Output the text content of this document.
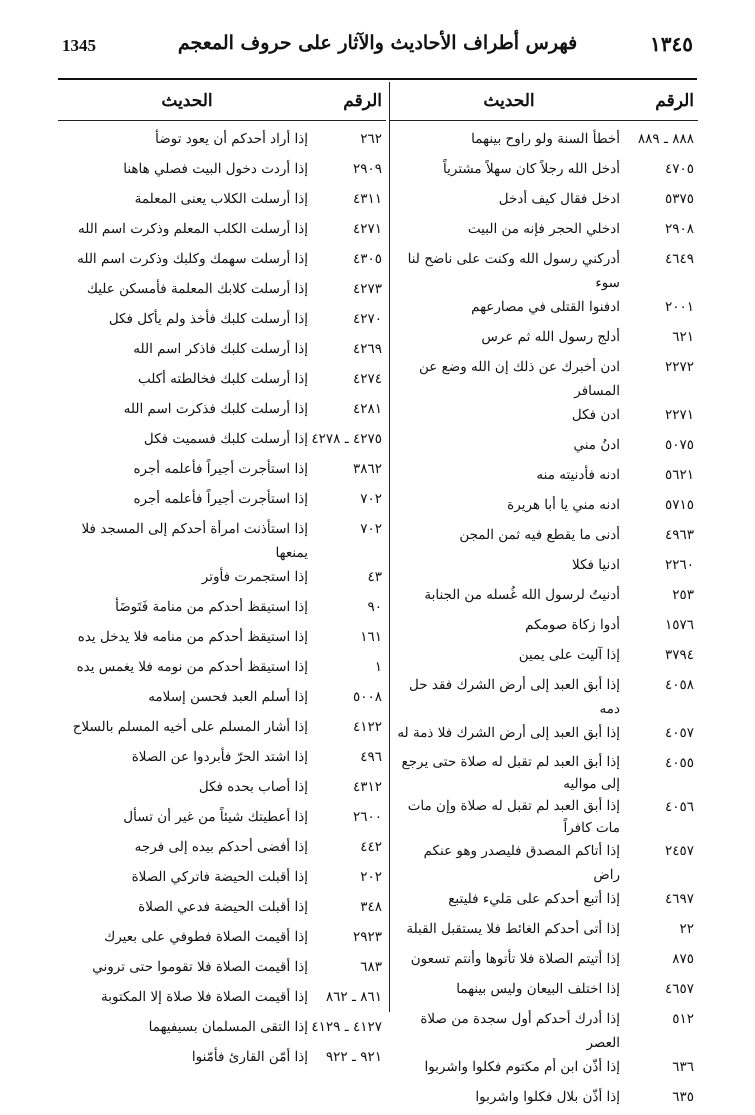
1345	فهرس أطراف الأحاديث والآثار على حروف المعجم	١٣٤٥
الرقم
الحديث
٨٨٨ ـ ٨٨٩
أخطأ السنة ولو راوح بينهما
٤٧٠٥
أدخل الله رجلاً كان سهلاً مشترياً
٥٣٧٥
ادخل فقال كيف أدخل
٢٩٠٨
ادخلي الحجر فإنه من البيت
٤٦٤٩
أدركني رسول الله وكنت على ناضح لنا سوء
٢٠٠١
ادفنوا القتلى في مصارعهم
٦٢١
أدلج رسول الله ثم عرس
٢٢٧٢
ادن أخبرك عن ذلك إن الله وضع عن المسافر
٢٢٧١
ادن فكل
٥٠٧٥
ادنُ مني
٥٦٢١
ادنه فأدنيته منه
٥٧١٥
ادنه مني يا أبا هريرة
٤٩٦٣
أدنى ما يقطع فيه ثمن المجن
٢٢٦٠
ادنيا فكلا
٢٥٣
أدنيتُ لرسول الله غُسله من الجنابة
١٥٧٦
أدوا زكاة صومكم
٣٧٩٤
إذا آليت على يمين
٤٠٥٨
إذا أبق العبد إلى أرض الشرك فقد حل دمه
٤٠٥٧
إذا أبق العبد إلى أرض الشرك فلا ذمة له
٤٠٥٥
إذا أبق العبد لم تقبل له صلاة حتى يرجع إلى مواليه
٤٠٥٦
إذا أبق العبد لم تقبل له صلاة وإن مات مات كافراً
٢٤٥٧
إذا أتاكم المصدق فليصدر وهو عنكم راض
٤٦٩٧
إذا أتبع أحدكم على مَليء فليتبع
٢٢
إذا أتى أحدكم الغائط فلا يستقبل القبلة
٨٧٥
إذا أتيتم الصلاة فلا تأتوها وأنتم تسعون
٤٦٥٧
إذا اختلف البيعان وليس بينهما
٥١٢
إذا أدرك أحدكم أول سجدة من صلاة العصر
٦٣٦
إذا أذّن ابن أم مكتوم فكلوا واشربوا
٦٣٥
إذا أذّن بلال فكلوا واشربوا
الرقم
الحديث
٢٦٢
إذا أراد أحدكم أن يعود توضأ
٢٩٠٩
إذا أردت دخول البيت فصلي هاهنا
٤٣١١
إذا أرسلت الكلاب يعنى المعلمة
٤٢٧١
إذا أرسلت الكلب المعلم وذكرت اسم الله
٤٣٠٥
إذا أرسلت سهمك وكلبك وذكرت اسم الله
٤٢٧٣
إذا أرسلت كلابك المعلمة فأمسكن عليك
٤٢٧٠
إذا أرسلت كلبك فأخذ ولم يأكل فكل
٤٢٦٩
إذا أرسلت كلبك فاذكر اسم الله
٤٢٧٤
إذا أرسلت كلبك فخالطته أكلب
٤٢٨١
إذا أرسلت كلبك فذكرت اسم الله
٤٢٧٥ ـ ٤٢٧٨
إذا أرسلت كلبك فسميت فكل
٣٨٦٢
إذا استأجرت أجيراً فأعلمه أجره
٧٠٢
إذا استأجرت أجيراً فأعلمه أجره
٧٠٢
إذا استأذنت امرأة أحدكم إلى المسجد فلا يمنعها
٤٣
إذا استجمرت فأوتر
٩٠
إذا استيقظ أحدكم من منامة فَتَوضَأ
١٦١
إذا استيقظ أحدكم من منامه فلا يدخل يده
١
إذا استيقظ أحدكم من نومه فلا يغمس يده
٥٠٠٨
إذا أسلم العبد فحسن إسلامه
٤١٢٢
إذا أشار المسلم على أخيه المسلم بالسلاح
٤٩٦
إذا اشتد الحرّ فأبردوا عن الصلاة
٤٣١٢
إذا أصاب بحده فكل
٢٦٠٠
إذا أعطيتك شيئاً من غير أن تسأل
٤٤٢
إذا أفضى أحدكم بيده إلى فرجه
٢٠٢
إذا أقبلت الحيضة فاتركي الصلاة
٣٤٨
إذا أقبلت الحيضة فدعي الصلاة
٢٩٢٣
إذا أقيمت الصلاة فطوفي على بعيرك
٦٨٣
إذا أقيمت الصلاة فلا تقوموا حتى تروني
٨٦١ ـ ٨٦٢
إذا أقيمت الصلاة فلا صلاة إلا المكتوبة
٤١٢٧ ـ ٤١٢٩
إذا التقى المسلمان بسيفيهما
٩٢١ ـ ٩٢٢
إذا أمّن القارئ فأمّنوا
